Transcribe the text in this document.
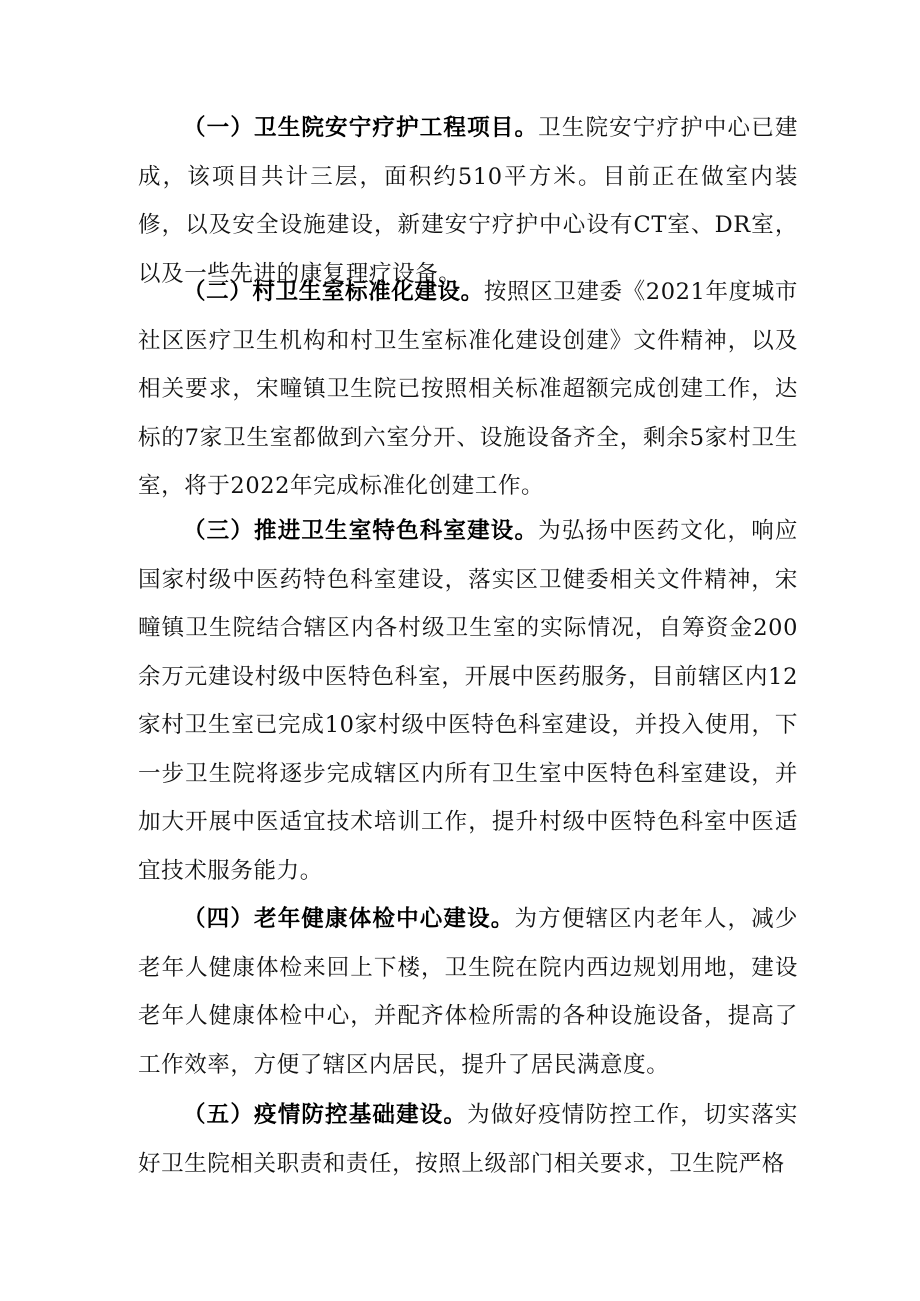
（一）卫生院安宁疗护工程项目。卫生院安宁疗护中心已建成，该项目共计三层，面积约510平方米。目前正在做室内装修，以及安全设施建设，新建安宁疗护中心设有CT室、DR室，以及一些先进的康复理疗设备。

（二）村卫生室标准化建设。按照区卫建委《2021年度城市社区医疗卫生机构和村卫生室标准化建设创建》文件精神，以及相关要求，宋疃镇卫生院已按照相关标准超额完成创建工作，达标的7家卫生室都做到六室分开、设施设备齐全，剩余5家村卫生室，将于2022年完成标准化创建工作。

（三）推进卫生室特色科室建设。为弘扬中医药文化，响应国家村级中医药特色科室建设，落实区卫健委相关文件精神，宋疃镇卫生院结合辖区内各村级卫生室的实际情况，自筹资金200余万元建设村级中医特色科室，开展中医药服务，目前辖区内12家村卫生室已完成10家村级中医特色科室建设，并投入使用，下一步卫生院将逐步完成辖区内所有卫生室中医特色科室建设，并加大开展中医适宜技术培训工作，提升村级中医特色科室中医适宜技术服务能力。

（四）老年健康体检中心建设。为方便辖区内老年人，减少老年人健康体检来回上下楼，卫生院在院内西边规划用地，建设老年人健康体检中心，并配齐体检所需的各种设施设备，提高了工作效率，方便了辖区内居民，提升了居民满意度。

（五）疫情防控基础建设。为做好疫情防控工作，切实落实好卫生院相关职责和责任，按照上级部门相关要求，卫生院严格
